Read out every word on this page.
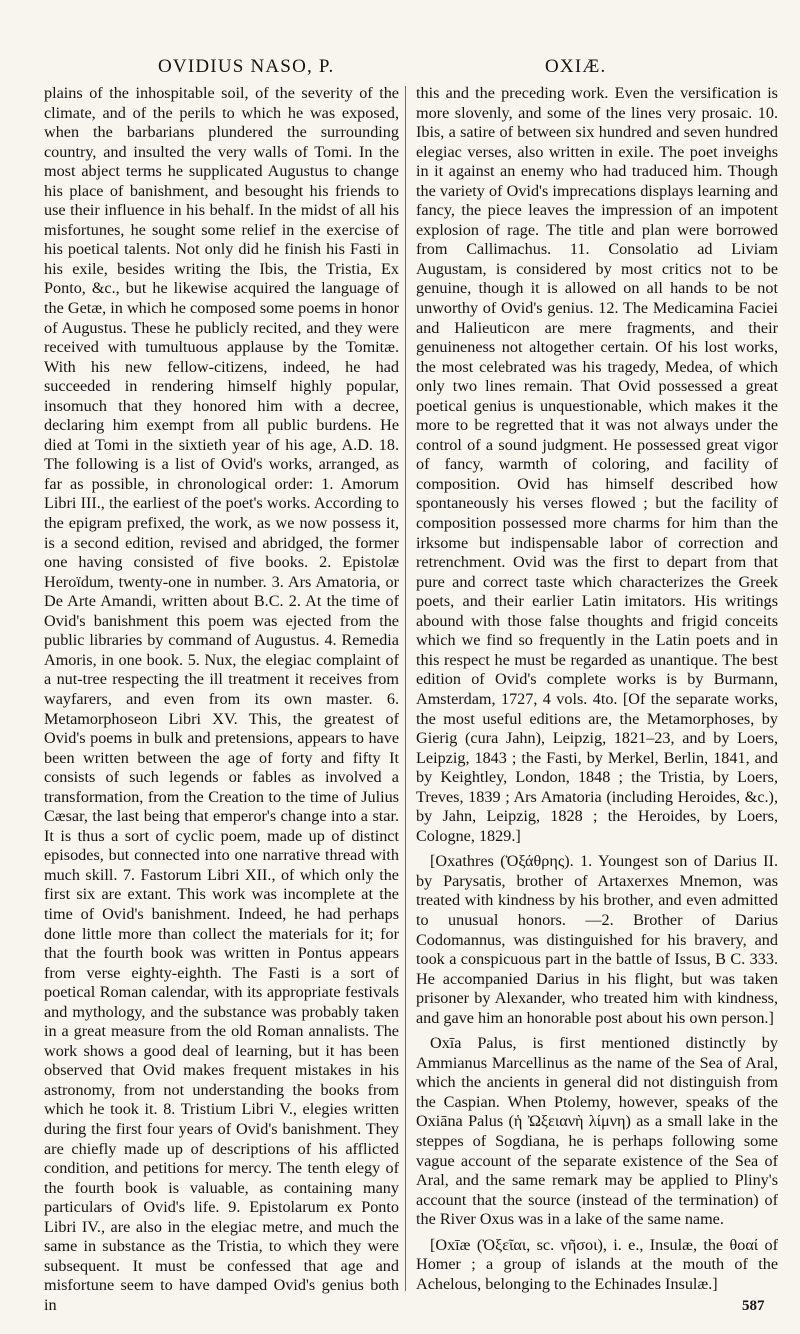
OVIDIUS NASO, P.	OXIÆ.

plains of the inhospitable soil, of the severity of the climate, and of the perils to which he was exposed, when the barbarians plundered the surrounding country, and insulted the very walls of Tomi. In the most abject terms he supplicated Augustus to change his place of banishment, and besought his friends to use their influence in his behalf. In the midst of all his misfortunes, he sought some relief in the exercise of his poetical talents. Not only did he finish his Fasti in his exile, besides writing the Ibis, the Tristia, Ex Ponto, &c., but he likewise acquired the language of the Getæ, in which he composed some poems in honor of Augustus. These he publicly recited, and they were received with tumultuous applause by the Tomitæ. With his new fellow-citizens, indeed, he had succeeded in rendering himself highly popular, insomuch that they honored him with a decree, declaring him exempt from all public burdens. He died at Tomi in the sixtieth year of his age, A.D. 18. The following is a list of Ovid's works, arranged, as far as possible, in chronological order: 1. Amorum Libri III., the earliest of the poet's works. According to the epigram prefixed, the work, as we now possess it, is a second edition, revised and abridged, the former one having consisted of five books. 2. Epistolæ Heroïdum, twenty-one in number. 3. Ars Amatoria, or De Arte Amandi, written about B.C. 2. At the time of Ovid's banishment this poem was ejected from the public libraries by command of Augustus. 4. Remedia Amoris, in one book. 5. Nux, the elegiac complaint of a nut-tree respecting the ill treatment it receives from wayfarers, and even from its own master. 6. Metamorphoseon Libri XV. This, the greatest of Ovid's poems in bulk and pretensions, appears to have been written between the age of forty and fifty It consists of such legends or fables as involved a transformation, from the Creation to the time of Julius Cæsar, the last being that emperor's change into a star. It is thus a sort of cyclic poem, made up of distinct episodes, but connected into one narrative thread with much skill. 7. Fastorum Libri XII., of which only the first six are extant. This work was incomplete at the time of Ovid's banishment. Indeed, he had perhaps done little more than collect the materials for it; for that the fourth book was written in Pontus appears from verse eighty-eighth. The Fasti is a sort of poetical Roman calendar, with its appropriate festivals and mythology, and the substance was probably taken in a great measure from the old Roman annalists. The work shows a good deal of learning, but it has been observed that Ovid makes frequent mistakes in his astronomy, from not understanding the books from which he took it. 8. Tristium Libri V., elegies written during the first four years of Ovid's banishment. They are chiefly made up of descriptions of his afflicted condition, and petitions for mercy. The tenth elegy of the fourth book is valuable, as containing many particulars of Ovid's life. 9. Epistolarum ex Ponto Libri IV., are also in the elegiac metre, and much the same in substance as the Tristia, to which they were subsequent. It must be confessed that age and misfortune seem to have damped Ovid's genius both in

this and the preceding work. Even the versification is more slovenly, and some of the lines very prosaic. 10. Ibis, a satire of between six hundred and seven hundred elegiac verses, also written in exile. The poet inveighs in it against an enemy who had traduced him. Though the variety of Ovid's imprecations displays learning and fancy, the piece leaves the impression of an impotent explosion of rage. The title and plan were borrowed from Callimachus. 11. Consolatio ad Liviam Augustam, is considered by most critics not to be genuine, though it is allowed on all hands to be not unworthy of Ovid's genius. 12. The Medicamina Faciei and Halieuticon are mere fragments, and their genuineness not altogether certain. Of his lost works, the most celebrated was his tragedy, Medea, of which only two lines remain. That Ovid possessed a great poetical genius is unquestionable, which makes it the more to be regretted that it was not always under the control of a sound judgment. He possessed great vigor of fancy, warmth of coloring, and facility of composition. Ovid has himself described how spontaneously his verses flowed ; but the facility of composition possessed more charms for him than the irksome but indispensable labor of correction and retrenchment. Ovid was the first to depart from that pure and correct taste which characterizes the Greek poets, and their earlier Latin imitators. His writings abound with those false thoughts and frigid conceits which we find so frequently in the Latin poets and in this respect he must be regarded as unantique. The best edition of Ovid's complete works is by Burmann, Amsterdam, 1727, 4 vols. 4to. [Of the separate works, the most useful editions are, the Metamorphoses, by Gierig (cura Jahn), Leipzig, 1821–23, and by Loers, Leipzig, 1843 ; the Fasti, by Merkel, Berlin, 1841, and by Keightley, London, 1848 ; the Tristia, by Loers, Treves, 1839 ; Ars Amatoria (including Heroides, &c.), by Jahn, Leipzig, 1828 ; the Heroides, by Loers, Cologne, 1829.]

[Oxathres (Ὀξάθρης). 1. Youngest son of Darius II. by Parysatis, brother of Artaxerxes Mnemon, was treated with kindness by his brother, and even admitted to unusual honors. —2. Brother of Darius Codomannus, was distinguished for his bravery, and took a conspicuous part in the battle of Issus, B C. 333. He accompanied Darius in his flight, but was taken prisoner by Alexander, who treated him with kindness, and gave him an honorable post about his own person.]

Oxīa Palus, is first mentioned distinctly by Ammianus Marcellinus as the name of the Sea of Aral, which the ancients in general did not distinguish from the Caspian. When Ptolemy, however, speaks of the Oxiāna Palus (ἡ Ὠξειανὴ λίμνη) as a small lake in the steppes of Sogdiana, he is perhaps following some vague account of the separate existence of the Sea of Aral, and the same remark may be applied to Pliny's account that the source (instead of the termination) of the River Oxus was in a lake of the same name.

[Oxīæ (Ὀξεῖαι, sc. νῆσοι), i. e., Insulæ, the θοαί of Homer ; a group of islands at the mouth of the Achelous, belonging to the Echinades Insulæ.]

587
